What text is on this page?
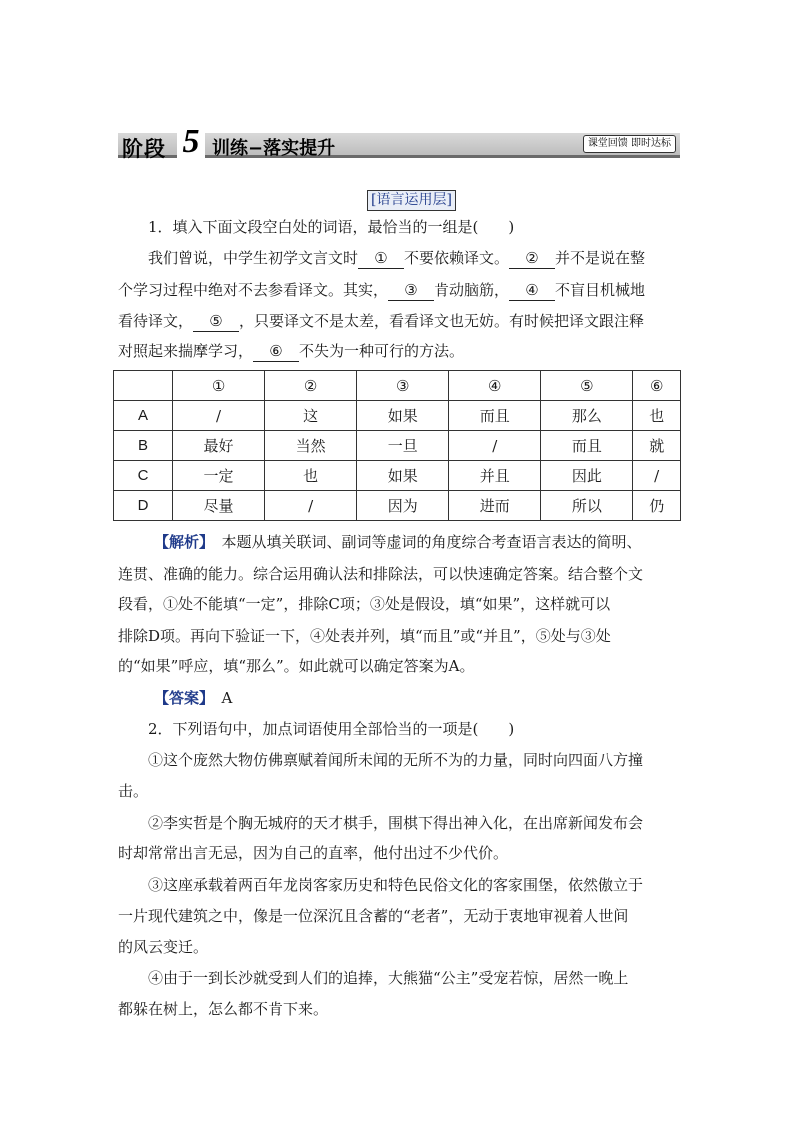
阶段 5 训练−落实提升	课堂回馈 即时达标
[语言运用层]
1．填入下面文段空白处的词语，最恰当的一组是(　　)
我们曾说，中学生初学文言文时 ① 不要依赖译文。 ② 并不是说在整
个学习过程中绝对不去参看译文。其实， ③ 肯动脑筋， ④ 不盲目机械地
看待译文， ⑤ ，只要译文不是太差，看看译文也无妨。有时候把译文跟注释
对照起来揣摩学习， ⑥ 不失为一种可行的方法。
	①	②	③	④	⑤	⑥
A	/	这	如果	而且	那么	也
B	最好	当然	一旦	/	而且	就
C	一定	也	如果	并且	因此	/
D	尽量	/	因为	进而	所以	仍
【解析】　 本题从填关联词、副词等虚词的角度综合考查语言表达的简明、
连贯、准确的能力。综合运用确认法和排除法，可以快速确定答案。结合整个文
段看，①处不能填“一定”，排除C项；③处是假设，填“如果”，这样就可以
排除D项。再向下验证一下，④处表并列，填“而且”或“并且”，⑤处与③处
的“如果”呼应，填“那么”。如此就可以确定答案为A。
【答案】　 A
2．下列语句中，加点词语使用全部恰当的一项是(　　)
①这个庞然大物仿佛禀赋着闻所未闻的无所不为的力量，同时向四面八方撞
击。
②李实哲是个胸无城府的天才棋手，围棋下得出神入化，在出席新闻发布会
时却常常出言无忌，因为自己的直率，他付出过不少代价。
③这座承载着两百年龙岗客家历史和特色民俗文化的客家围堡，依然傲立于
一片现代建筑之中，像是一位深沉且含蓄的“老者”，无动于衷地审视着人世间
的风云变迁。
④由于一到长沙就受到人们的追捧，大熊猫“公主”受宠若惊，居然一晚上
都躲在树上，怎么都不肯下来。
